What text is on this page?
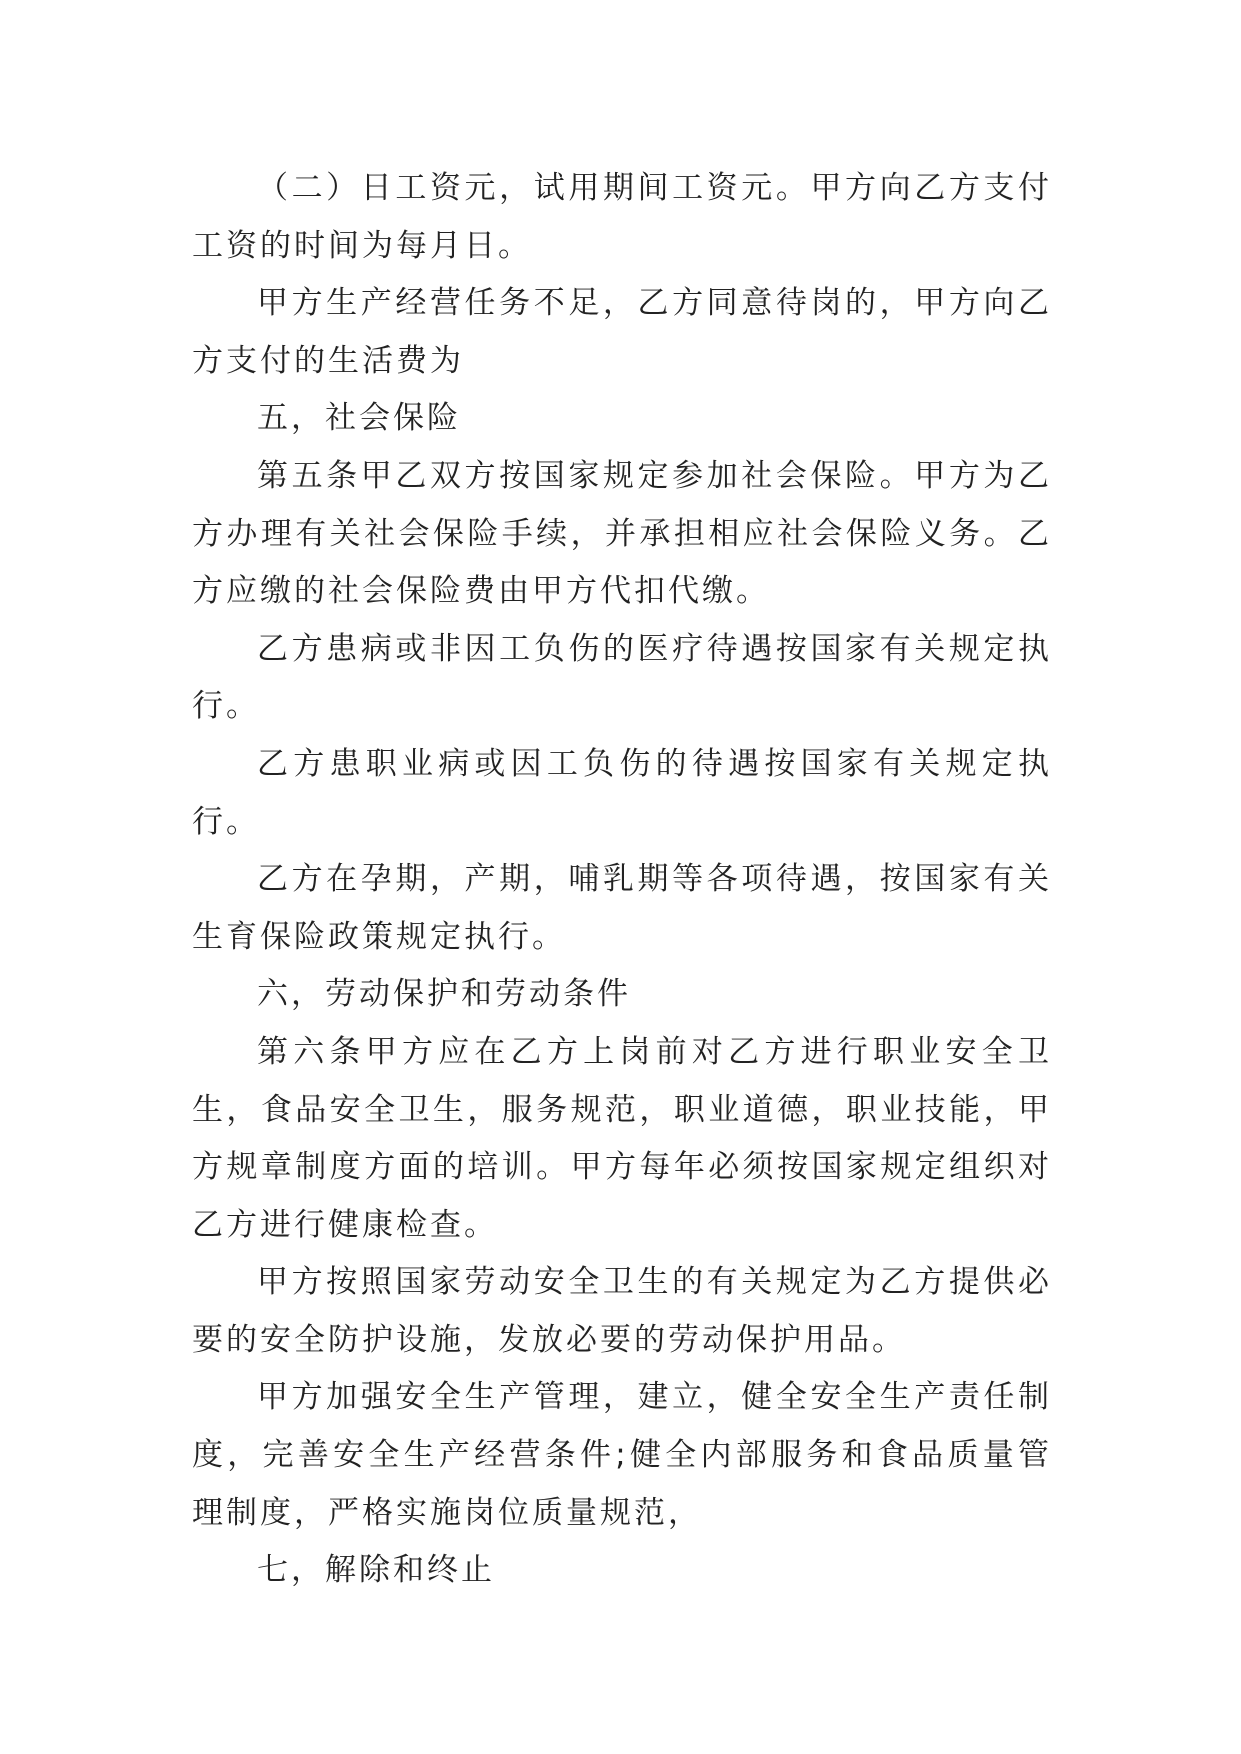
（二）日工资元，试用期间工资元。甲方向乙方支付工资的时间为每月日。

甲方生产经营任务不足，乙方同意待岗的，甲方向乙方支付的生活费为

五，社会保险

第五条甲乙双方按国家规定参加社会保险。甲方为乙方办理有关社会保险手续，并承担相应社会保险义务。乙方应缴的社会保险费由甲方代扣代缴。

乙方患病或非因工负伤的医疗待遇按国家有关规定执行。

乙方患职业病或因工负伤的待遇按国家有关规定执行。

乙方在孕期，产期，哺乳期等各项待遇，按国家有关生育保险政策规定执行。

六，劳动保护和劳动条件

第六条甲方应在乙方上岗前对乙方进行职业安全卫生，食品安全卫生，服务规范，职业道德，职业技能，甲方规章制度方面的培训。甲方每年必须按国家规定组织对乙方进行健康检查。

甲方按照国家劳动安全卫生的有关规定为乙方提供必要的安全防护设施，发放必要的劳动保护用品。

甲方加强安全生产管理，建立，健全安全生产责任制度，完善安全生产经营条件;健全内部服务和食品质量管理制度，严格实施岗位质量规范，

七，解除和终止
